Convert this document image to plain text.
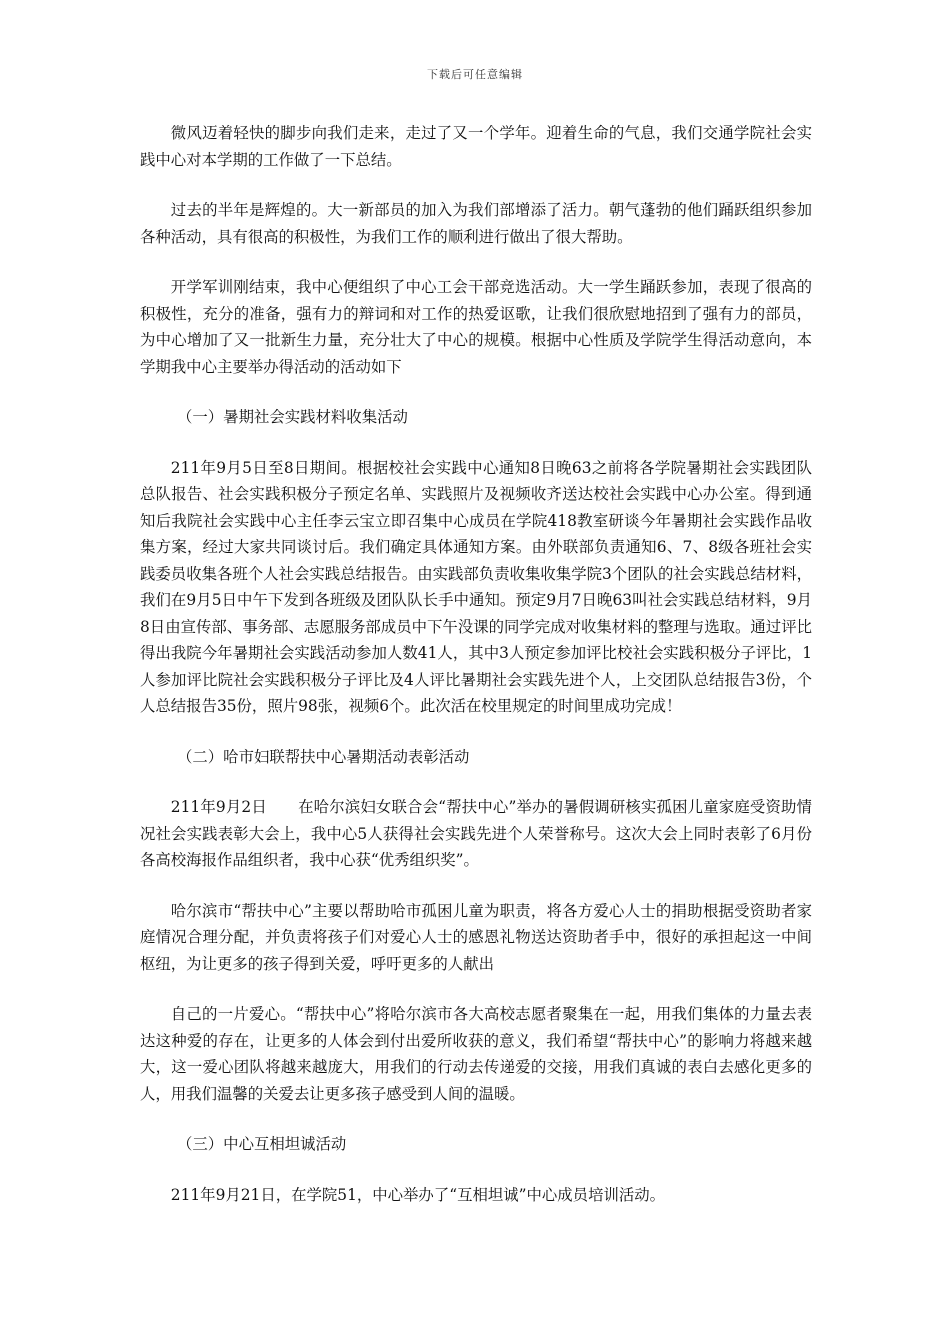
下载后可任意编辑

微风迈着轻快的脚步向我们走来，走过了又一个学年。迎着生命的气息，我们交通学院社会实践中心对本学期的工作做了一下总结。

过去的半年是辉煌的。大一新部员的加入为我们部增添了活力。朝气蓬勃的他们踊跃组织参加各种活动，具有很高的积极性，为我们工作的顺利进行做出了很大帮助。

开学军训刚结束，我中心便组织了中心工会干部竞选活动。大一学生踊跃参加，表现了很高的积极性，充分的准备，强有力的辩词和对工作的热爱讴歌，让我们很欣慰地招到了强有力的部员，为中心增加了又一批新生力量，充分壮大了中心的规模。根据中心性质及学院学生得活动意向，本学期我中心主要举办得活动的活动如下

（一）暑期社会实践材料收集活动

211年9月5日至8日期间。根据校社会实践中心通知8日晚63之前将各学院暑期社会实践团队总队报告、社会实践积极分子预定名单、实践照片及视频收齐送达校社会实践中心办公室。得到通知后我院社会实践中心主任李云宝立即召集中心成员在学院418教室研谈今年暑期社会实践作品收集方案，经过大家共同谈讨后。我们确定具体通知方案。由外联部负责通知6、7、8级各班社会实践委员收集各班个人社会实践总结报告。由实践部负责收集收集学院3个团队的社会实践总结材料，我们在9月5日中午下发到各班级及团队队长手中通知。预定9月7日晚63叫社会实践总结材料，9月8日由宣传部、事务部、志愿服务部成员中下午没课的同学完成对收集材料的整理与选取。通过评比得出我院今年暑期社会实践活动参加人数41人，其中3人预定参加评比校社会实践积极分子评比，1人参加评比院社会实践积极分子评比及4人评比暑期社会实践先进个人，上交团队总结报告3份，个人总结报告35份，照片98张，视频6个。此次活在校里规定的时间里成功完成！

（二）哈市妇联帮扶中心暑期活动表彰活动

211年9月2日　　在哈尔滨妇女联合会“帮扶中心”举办的暑假调研核实孤困儿童家庭受资助情况社会实践表彰大会上，我中心5人获得社会实践先进个人荣誉称号。这次大会上同时表彰了6月份各高校海报作品组织者，我中心获“优秀组织奖”。

哈尔滨市“帮扶中心”主要以帮助哈市孤困儿童为职责，将各方爱心人士的捐助根据受资助者家庭情况合理分配，并负责将孩子们对爱心人士的感恩礼物送达资助者手中，很好的承担起这一中间枢纽，为让更多的孩子得到关爱，呼吁更多的人献出

自己的一片爱心。“帮扶中心”将哈尔滨市各大高校志愿者聚集在一起，用我们集体的力量去表达这种爱的存在，让更多的人体会到付出爱所收获的意义，我们希望“帮扶中心”的影响力将越来越大，这一爱心团队将越来越庞大，用我们的行动去传递爱的交接，用我们真诚的表白去感化更多的人，用我们温馨的关爱去让更多孩子感受到人间的温暖。

（三）中心互相坦诚活动

211年9月21日，在学院51，中心举办了“互相坦诚”中心成员培训活动。
